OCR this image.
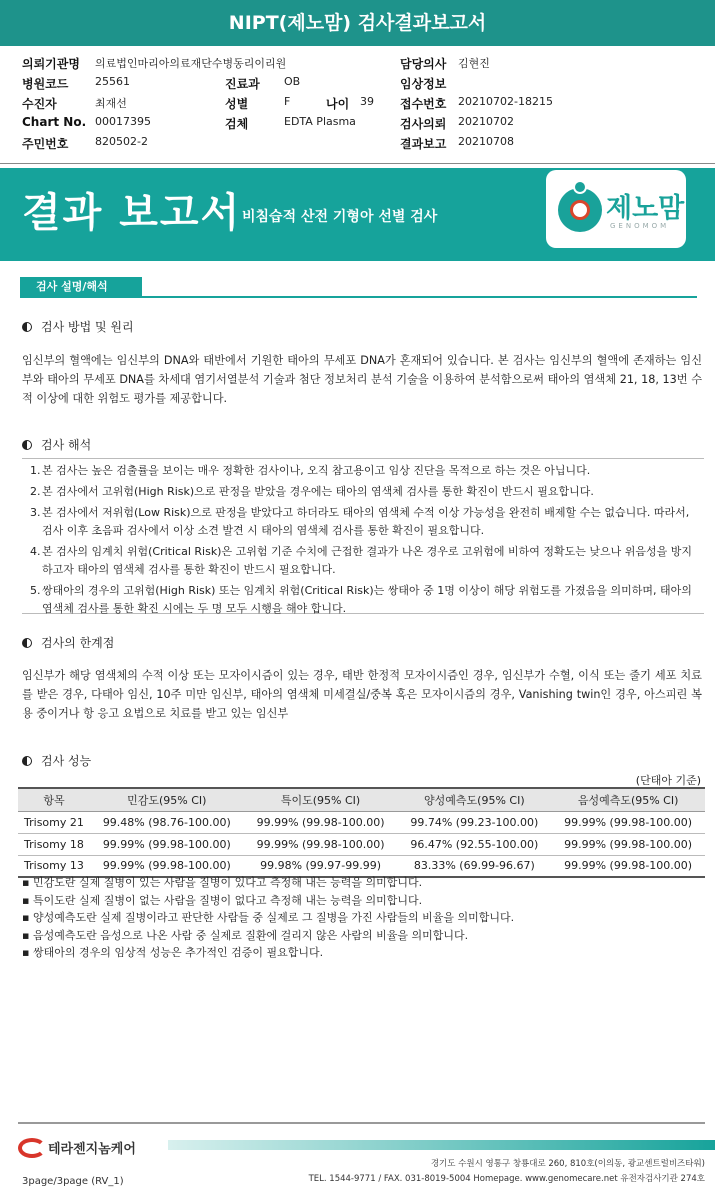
NIPT(제노맘) 검사결과보고서
의뢰기관명 의료법인마리아의료재단수병동리이리원	담당의사 김현진
병원코드 25561	진료과 OB	임상정보
수진자	최재선	성별	F	나이 39 접수번호 20210702-18215
Chart No. 00017395	검체	EDTA Plasma	검사의뢰 20210702
주민번호 820502-2	결과보고 20210708
결과 보고서 비침습적 산전 기형아 선별 검사	제노맘
GENOMOM
검사 설명/해석
검사 방법 및 원리
임신부의 혈액에는 임신부의 DNA와 태반에서 기원한 태아의 무세포 DNA가 혼재되어 있습니다. 본 검사는 임신부의 혈액에 존재하는 임신부와 태아의 무세포 DNA를 차세대 염기서열분석 기술과 첨단 정보처리 분석 기술을 이용하여 분석함으로써 태아의 염색체 21, 18, 13번 수적 이상에 대한 위험도 평가를 제공합니다.
검사 해석
1. 본 검사는 높은 검출률을 보이는 매우 정확한 검사이나, 오직 참고용이고 임상 진단을 목적으로 하는 것은 아닙니다.
2. 본 검사에서 고위험(High Risk)으로 판정을 받았을 경우에는 태아의 염색체 검사를 통한 확진이 반드시 필요합니다.
3. 본 검사에서 저위험(Low Risk)으로 판정을 받았다고 하더라도 태아의 염색체 수적 이상 가능성을 완전히 배제할 수는 없습니다. 따라서, 검사 이후 초음파 검사에서 이상 소견 발견 시 태아의 염색체 검사를 통한 확진이 필요합니다.
4. 본 검사의 임계치 위험(Critical Risk)은 고위험 기준 수치에 근접한 결과가 나온 경우로 고위험에 비하여 정확도는 낮으나 위음성을 방지하고자 태아의 염색체 검사를 통한 확진이 반드시 필요합니다.
5. 쌍태아의 경우의 고위험(High Risk) 또는 임계치 위험(Critical Risk)는 쌍태아 중 1명 이상이 해당 위험도를 가졌음을 의미하며, 태아의 염색체 검사를 통한 확진 시에는 두 명 모두 시행을 해야 합니다.
검사의 한계점
임신부가 해당 염색체의 수적 이상 또는 모자이시즘이 있는 경우, 태반 한정적 모자이시즘인 경우, 임신부가 수혈, 이식 또는 줄기 세포 치료를 받은 경우, 다태아 임신, 10주 미만 임신부, 태아의 염색체 미세결실/중복 혹은 모자이시즘의 경우, Vanishing twin인 경우, 아스피린 복용 중이거나 항 응고 요법으로 치료를 받고 있는 임신부
검사 성능
(단태아 기준)
항목	민감도(95% CI)	특이도(95% CI)	양성예측도(95% CI)	음성예측도(95% CI)
Trisomy 21	99.48% (98.76-100.00)	99.99% (99.98-100.00)	99.74% (99.23-100.00)	99.99% (99.98-100.00)
Trisomy 18	99.99% (99.98-100.00)	99.99% (99.98-100.00)	96.47% (92.55-100.00)	99.99% (99.98-100.00)
Trisomy 13	99.99% (99.98-100.00)	99.98% (99.97-99.99)	83.33% (69.99-96.67)	99.99% (99.98-100.00)
▪ 민감도란 실제 질병이 있는 사람을 질병이 있다고 측정해 내는 능력을 의미합니다.
▪ 특이도란 실제 질병이 없는 사람을 질병이 없다고 측정해 내는 능력을 의미합니다.
▪ 양성예측도란 실제 질병이라고 판단한 사람들 중 실제로 그 질병을 가진 사람들의 비율을 의미합니다.
▪ 음성예측도란 음성으로 나온 사람 중 실제로 질환에 걸리지 않은 사람의 비율을 의미합니다.
▪ 쌍태아의 경우의 임상적 성능은 추가적인 검증이 필요합니다.
테라젠지놈케어
3page/3page (RV_1)
경기도 수원시 영통구 창룡대로 260, 810호(이의동, 광교센트럴비즈타워)
TEL. 1544-9771 / FAX. 031-8019-5004 Homepage. www.genomecare.net 유전자검사기관 274호
